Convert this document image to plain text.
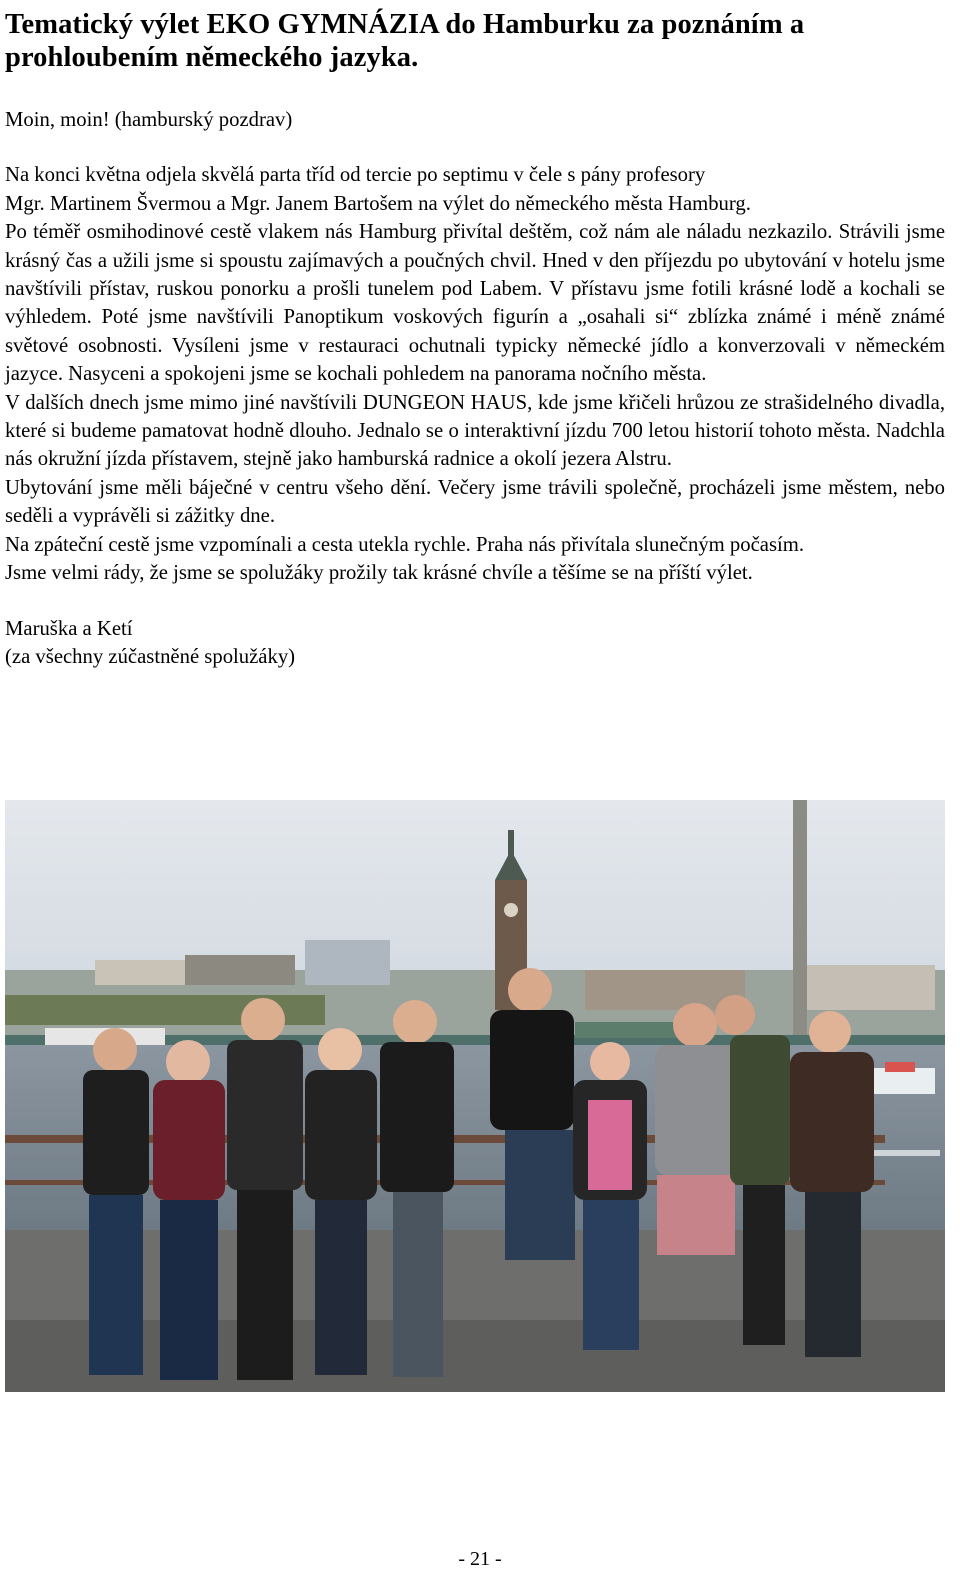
Tematický výlet EKO GYMNÁZIA do Hamburku za poznáním a prohloubením německého jazyka.

Moin, moin! (hamburský pozdrav)

Na konci května odjela skvělá parta tříd od tercie po septimu v čele s pány profesory

Mgr. Martinem Švermou a Mgr. Janem Bartošem na výlet do německého města Hamburg.

Po téměř osmihodinové cestě vlakem nás Hamburg přivítal deštěm, což nám ale náladu nezkazilo. Strávili jsme krásný čas a užili jsme si spoustu zajímavých a poučných chvil. Hned v den příjezdu po ubytování v hotelu jsme navštívili přístav, ruskou ponorku a prošli tunelem pod Labem. V přístavu jsme fotili krásné lodě a kochali se výhledem. Poté jsme navštívili Panoptikum voskových figurín a „osahali si“ zblízka známé i méně známé světové osobnosti. Vysíleni jsme v restauraci ochutnali typicky německé jídlo a konverzovali v německém jazyce. Nasyceni a spokojeni jsme se kochali pohledem na panorama nočního města.

V dalších dnech jsme mimo jiné navštívili DUNGEON HAUS, kde jsme křičeli hrůzou ze strašidelného divadla, které si budeme pamatovat hodně dlouho. Jednalo se o interaktivní jízdu 700 letou historií tohoto města. Nadchla nás okružní jízda přístavem, stejně jako hamburská radnice a okolí jezera Alstru.

Ubytování jsme měli báječné v centru všeho dění. Večery jsme trávili společně, procházeli jsme městem, nebo seděli a vyprávěli si zážitky dne.

Na zpáteční cestě jsme vzpomínali a cesta utekla rychle. Praha nás přivítala slunečným počasím.

Jsme velmi rády, že jsme se spolužáky prožily tak krásné chvíle a těšíme se na příští výlet.

Maruška a Ketí

(za všechny zúčastněné spolužáky)

- 21 -
